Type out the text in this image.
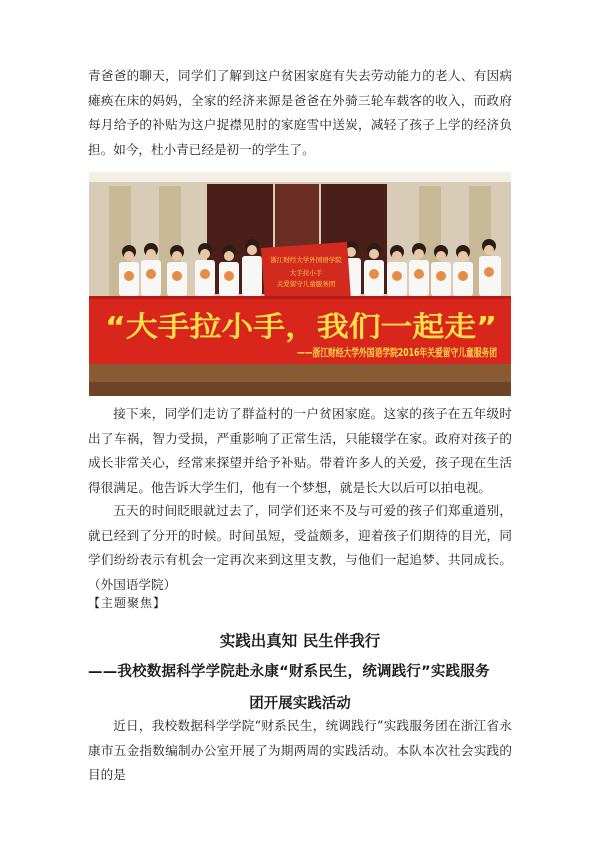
青爸爸的聊天，同学们了解到这户贫困家庭有失去劳动能力的老人、有因病瘫痪在床的妈妈，全家的经济来源是爸爸在外骑三轮车载客的收入，而政府每月给予的补贴为这户捉襟见肘的家庭雪中送炭，减轻了孩子上学的经济负担。如今，杜小青已经是初一的学生了。

浙江财经大学外国语学院
大手拉小手
关爱留守儿童服务团
“大手拉小手，我们一起走”
——浙江财经大学外国语学院2016年关爱留守儿童服务团

接下来，同学们走访了群益村的一户贫困家庭。这家的孩子在五年级时出了车祸，智力受损，严重影响了正常生活，只能辍学在家。政府对孩子的成长非常关心，经常来探望并给予补贴。带着许多人的关爱，孩子现在生活得很满足。他告诉大学生们，他有一个梦想，就是长大以后可以拍电视。

五天的时间眨眼就过去了，同学们还来不及与可爱的孩子们郑重道别，就已经到了分开的时候。时间虽短，受益颇多，迎着孩子们期待的目光，同学们纷纷表示有机会一定再次来到这里支教，与他们一起追梦、共同成长。（外国语学院）

【主题聚焦】
实践出真知 民生伴我行
——我校数据科学学院赴永康“财系民生，统调践行”实践服务
团开展实践活动

近日，我校数据科学学院“财系民生，统调践行”实践服务团在浙江省永康市五金指数编制办公室开展了为期两周的实践活动。本队本次社会实践的目的是
